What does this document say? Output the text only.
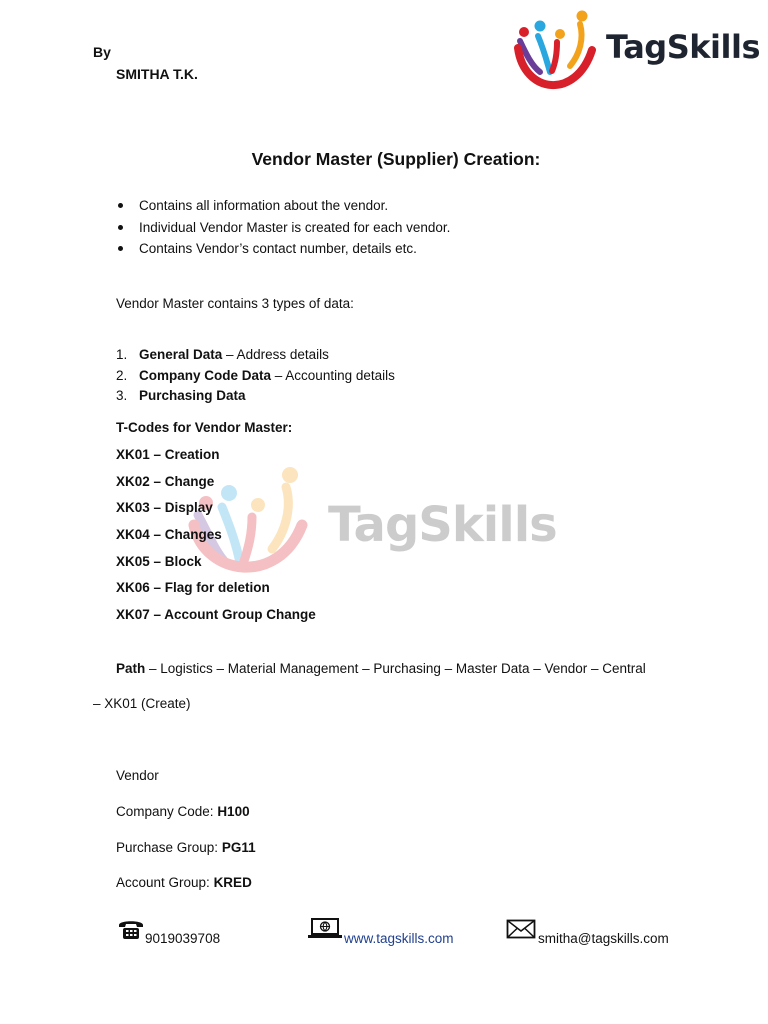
TagSkills
By
SMITHA T.K.
TagSkills
Vendor Master (Supplier) Creation:
Contains all information about the vendor.
Individual Vendor Master is created for each vendor.
Contains Vendor’s contact number, details etc.
Vendor Master contains 3 types of data:
1. General Data – Address details
2. Company Code Data – Accounting details
3. Purchasing Data
T-Codes for Vendor Master:
XK01 – Creation
XK02 – Change
XK03 – Display
XK04 – Changes
XK05 – Block
XK06 – Flag for deletion
XK07 – Account Group Change
Path – Logistics – Material Management – Purchasing – Master Data – Vendor – Central
– XK01 (Create)
Vendor
Company Code: H100
Purchase Group: PG11
Account Group: KRED
9019039708	www.tagskills.com	smitha@tagskills.com
